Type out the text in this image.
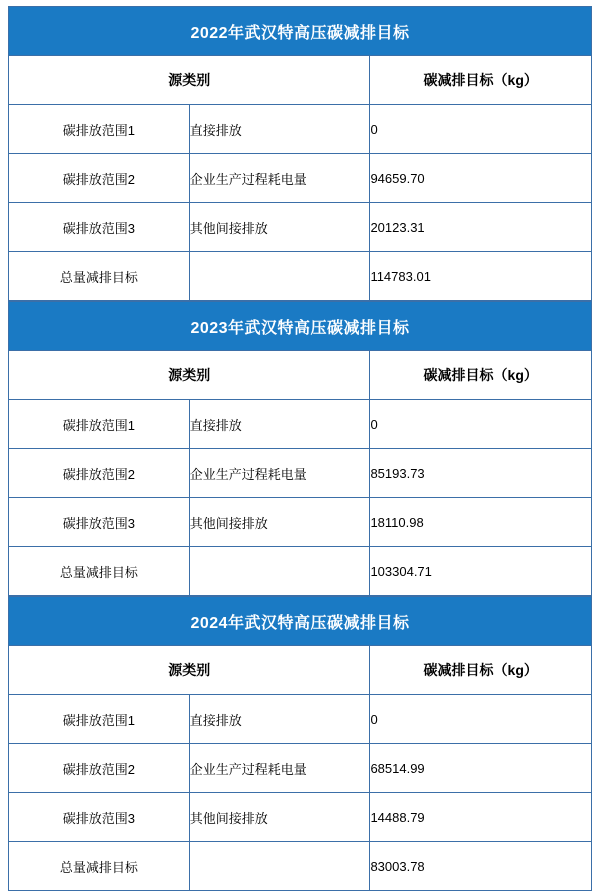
2022年武汉特高压碳减排目标		
源类别		碳减排目标（kg）
碳排放范围1	直接排放	0
碳排放范围2	企业生产过程耗电量	94659.70
碳排放范围3	其他间接排放	20123.31
总量减排目标		114783.01
2023年武汉特高压碳减排目标		
源类别		碳减排目标（kg）
碳排放范围1	直接排放	0
碳排放范围2	企业生产过程耗电量	85193.73
碳排放范围3	其他间接排放	18110.98
总量减排目标		103304.71
2024年武汉特高压碳减排目标		
源类别		碳减排目标（kg）
碳排放范围1	直接排放	0
碳排放范围2	企业生产过程耗电量	68514.99
碳排放范围3	其他间接排放	14488.79
总量减排目标		83003.78
